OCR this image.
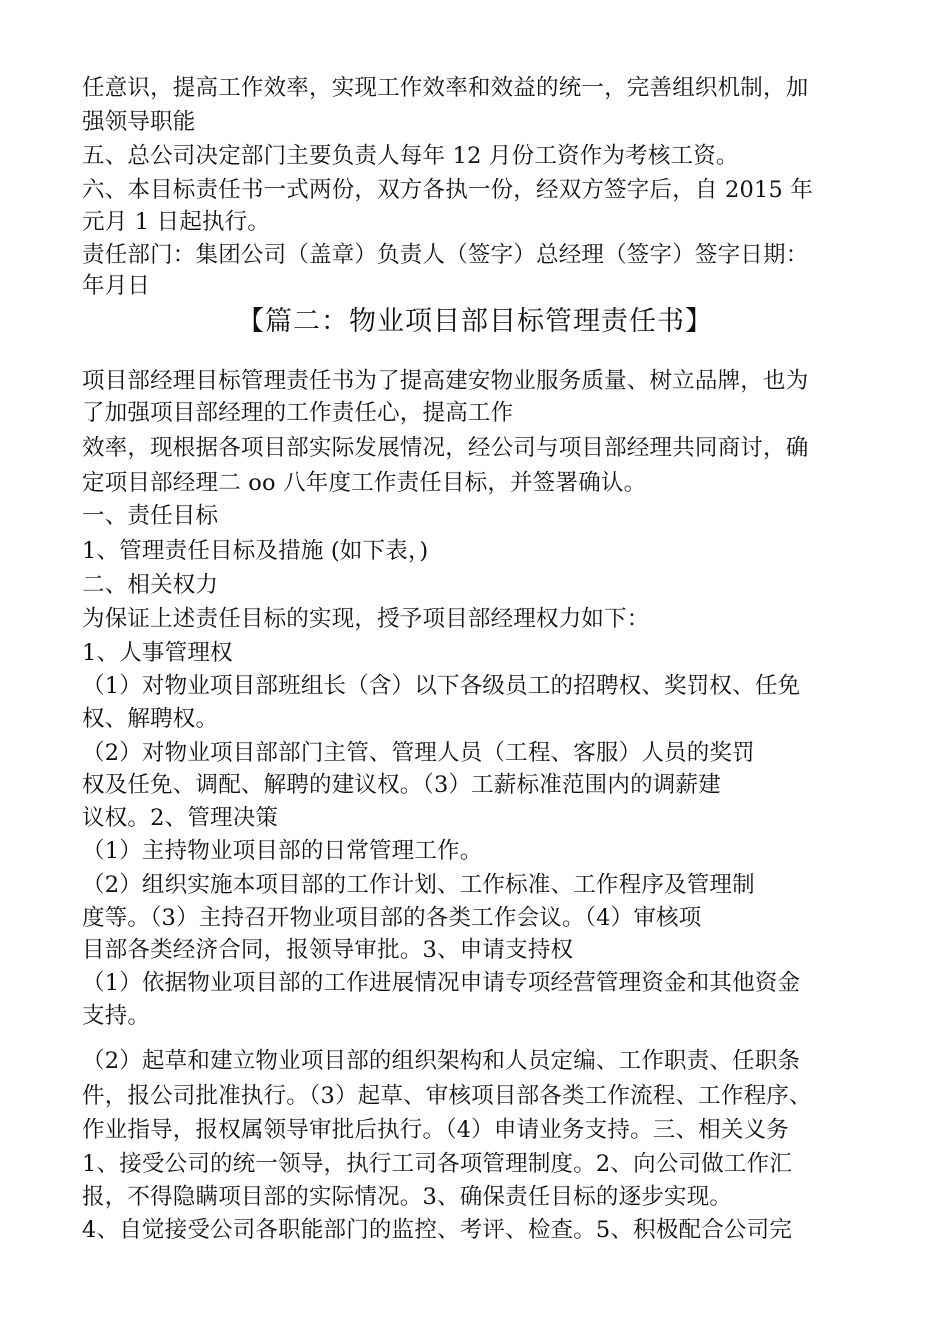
任意识，提高工作效率，实现工作效率和效益的统一，完善组织机制，加
强领导职能
五、总公司决定部门主要负责人每年 12 月份工资作为考核工资。
六、本目标责任书一式两份，双方各执一份，经双方签字后，自 2015 年
元月 1 日起执行。
责任部门：集团公司（盖章）负责人（签字）总经理（签字）签字日期：
年月日
【篇二：物业项目部目标管理责任书】
项目部经理目标管理责任书为了提高建安物业服务质量、树立品牌，也为
了加强项目部经理的工作责任心，提高工作
效率，现根据各项目部实际发展情况，经公司与项目部经理共同商讨，确
定项目部经理二 oo 八年度工作责任目标，并签署确认。
一、责任目标
1、管理责任目标及措施 (如下表，)
二、相关权力
为保证上述责任目标的实现，授予项目部经理权力如下：
1、人事管理权
（1）对物业项目部班组长（含）以下各级员工的招聘权、奖罚权、任免
权、解聘权。
（2）对物业项目部部门主管、管理人员（工程、客服）人员的奖罚
权及任免、调配、解聘的建议权。（3）工薪标准范围内的调薪建
议权。2、管理决策
（1）主持物业项目部的日常管理工作。
（2）组织实施本项目部的工作计划、工作标准、工作程序及管理制
度等。（3）主持召开物业项目部的各类工作会议。（4）审核项
目部各类经济合同，报领导审批。3、申请支持权
（1）依据物业项目部的工作进展情况申请专项经营管理资金和其他资金
支持。
（2）起草和建立物业项目部的组织架构和人员定编、工作职责、任职条
件，报公司批准执行。（3）起草、审核项目部各类工作流程、工作程序、
作业指导，报权属领导审批后执行。（4）申请业务支持。三、相关义务
1、接受公司的统一领导，执行工司各项管理制度。2、向公司做工作汇
报，不得隐瞒项目部的实际情况。3、确保责任目标的逐步实现。
4、自觉接受公司各职能部门的监控、考评、检查。5、积极配合公司完
